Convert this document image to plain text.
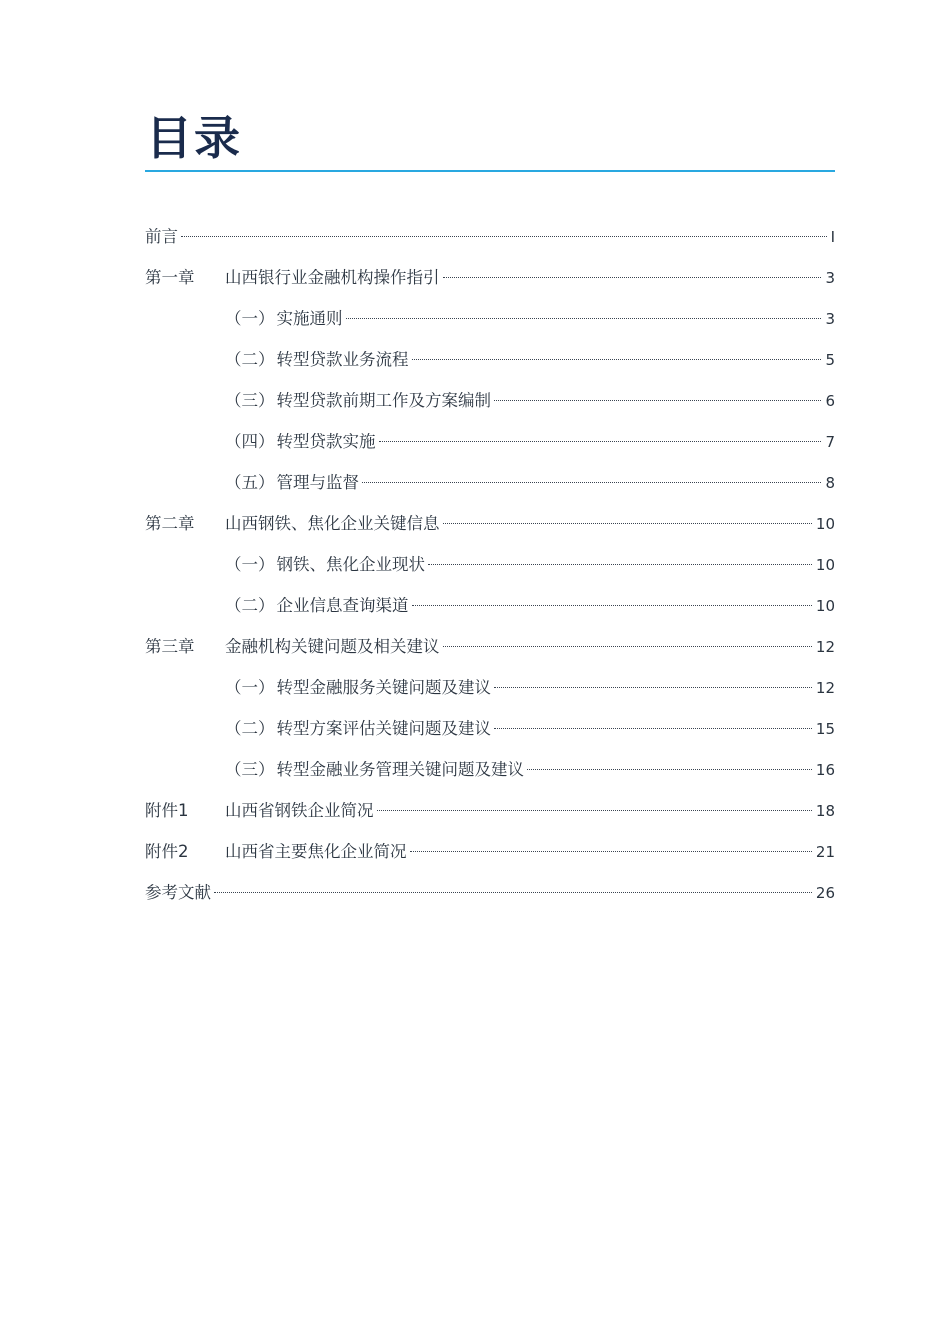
目录
前言	I
第一章	山西银行业金融机构操作指引	3
（一） 实施通则	3
（二） 转型贷款业务流程	5
（三） 转型贷款前期工作及方案编制	6
（四） 转型贷款实施	7
（五） 管理与监督	8
第二章	山西钢铁、焦化企业关键信息	10
（一） 钢铁、焦化企业现状	10
（二） 企业信息查询渠道	10
第三章	金融机构关键问题及相关建议	12
（一） 转型金融服务关键问题及建议	12
（二） 转型方案评估关键问题及建议	15
（三） 转型金融业务管理关键问题及建议	16
附件1	山西省钢铁企业简况	18
附件2	山西省主要焦化企业简况	21
参考文献	26
